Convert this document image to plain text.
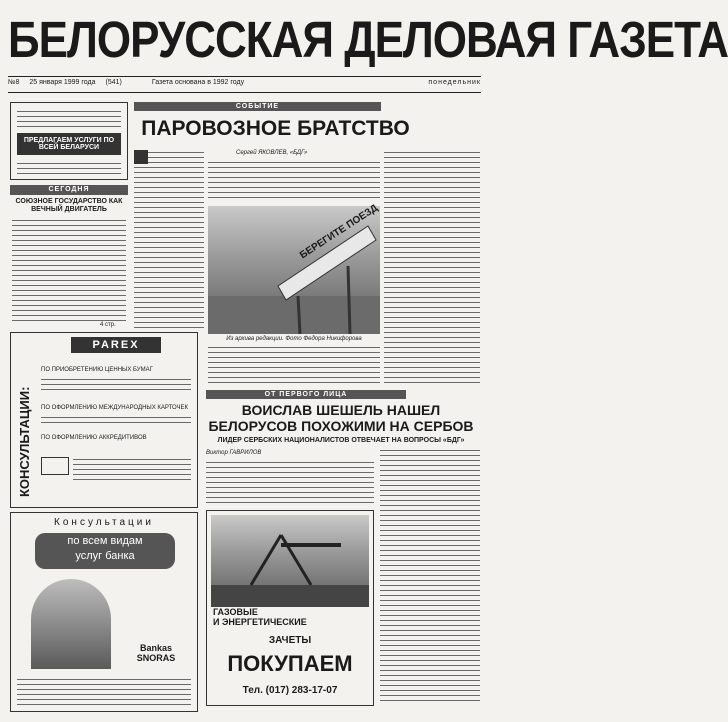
БЕЛОРУССКАЯ ДЕЛОВАЯ ГАЗЕТА
№8 25 января 1999 года (541)	Газета основана в 1992 году	понедельник
ПРЕДЛАГАЕМ УСЛУГИ ПО ВСЕЙ БЕЛАРУСИ
СЕГОДНЯ
СОЮЗНОЕ ГОСУДАРСТВО КАК ВЕЧНЫЙ ДВИГАТЕЛЬ
4 стр.
СОБЫТИЕ
ПАРОВОЗНОЕ БРАТСТВО
Сергей ЯКОВЛЕВ, «БДГ»
БЕРЕГИТЕ ПОЕЗД
Из архива редакции. Фото Федора Никифорова
КОНСУЛЬТАЦИИ:
PAREX
ПО ПРИОБРЕТЕНИЮ ЦЕННЫХ БУМАГ
ПО ОФОРМЛЕНИЮ МЕЖДУНАРОДНЫХ КАРТОЧЕК
ПО ОФОРМЛЕНИЮ АККРЕДИТИВОВ
ОТ ПЕРВОГО ЛИЦА
ВОИСЛАВ ШЕШЕЛЬ НАШЕЛ
БЕЛОРУСОВ ПОХОЖИМИ НА СЕРБОВ
ЛИДЕР СЕРБСКИХ НАЦИОНАЛИСТОВ ОТВЕЧАЕТ НА ВОПРОСЫ «БДГ»
Виктор ГАВРИЛОВ
Консультации
по всем видам
услуг банка
Bankas SNORAS
ГАЗОВЫЕ
И ЭНЕРГЕТИЧЕСКИЕ
ЗАЧЕТЫ
ПОКУПАЕМ
Тел. (017) 283-17-07
